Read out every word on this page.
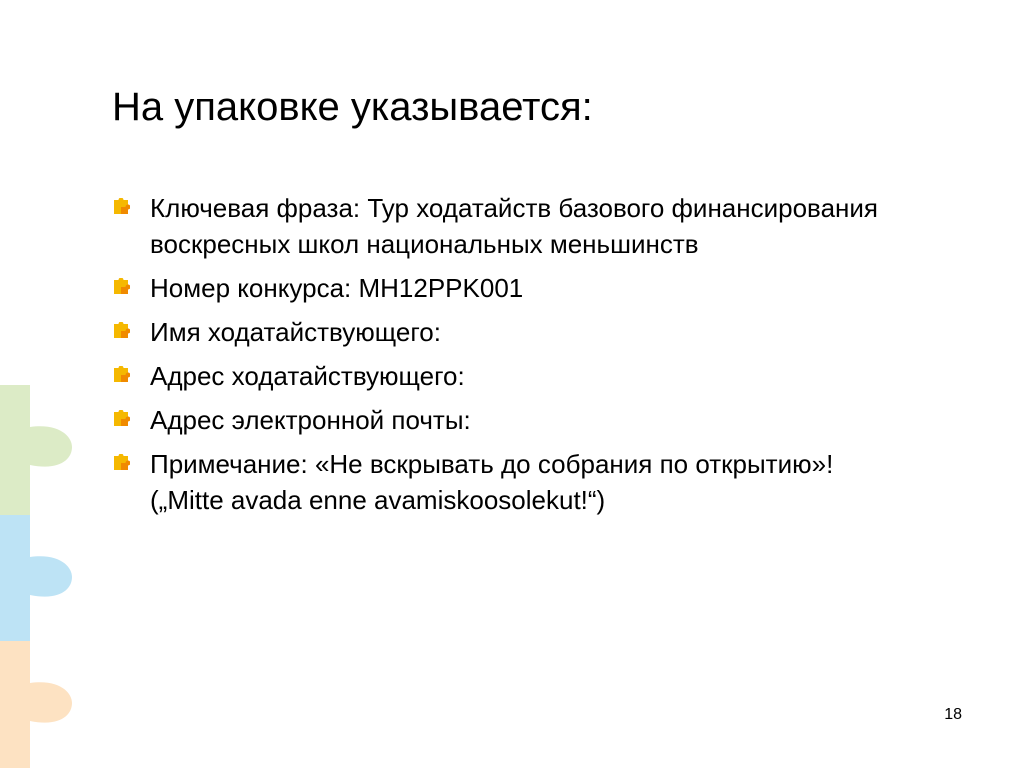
На упаковке указывается:
Ключевая фраза: Тур ходатайств базового финансирования воскресных школ национальных меньшинств
Номер конкурса: MH12PPK001
Имя ходатайствующего:
Адрес ходатайствующего:
Адрес электронной почты:
Примечание: «Не вскрывать до собрания по открытию»! („Mitte avada enne avamiskoosolekut!“)
18
